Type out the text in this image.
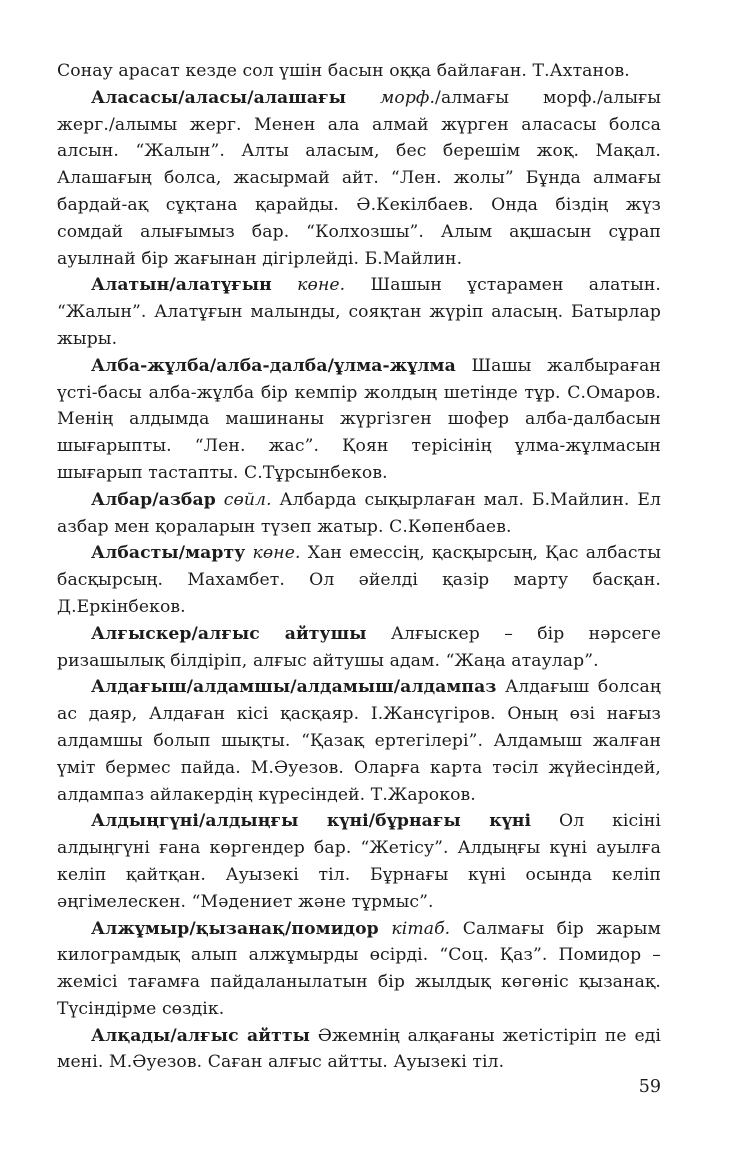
Сонау арасат кезде сол үшін басын оққа байлаған. Т.Ахтанов.

Аласасы/аласы/алашағы морф./алмағы морф./алығы жерг./алымы жерг. Менен ала алмай жүрген аласасы болса алсын. “Жалын”. Алты аласым, бес берешім жоқ. Мақал. Алашағың болса, жасырмай айт. “Лен. жолы” Бұнда алмағы бардай-ақ сұқтана қарайды. Ә.Кекілбаев. Онда біздің жүз сомдай алығымыз бар. “Колхозшы”. Алым ақшасын сұрап ауылнай бір жағынан дігірлейді. Б.Майлин.

Алатын/алатұғын көне. Шашын ұстарамен алатын. “Жалын”. Алатұғын малынды, сояқтан жүріп аласың. Батырлар жыры.

Алба-жұлба/алба-далба/ұлма-жұлма Шашы жалбыраған үсті-басы алба-жұлба бір кемпір жолдың шетінде тұр. С.Омаров. Менің алдымда машинаны жүргізген шофер алба-далбасын шығарыпты. “Лен. жас”. Қоян терісінің ұлма-жұлмасын шығарып тастапты. С.Тұрсынбеков.

Албар/азбар сөйл. Албарда сықырлаған мал. Б.Майлин. Ел азбар мен қораларын түзеп жатыр. С.Көпенбаев.

Албасты/марту көне. Хан емессің, қасқырсың, Қас албасты басқырсың. Махамбет. Ол әйелді қазір марту басқан. Д.Еркінбеков.

Алғыскер/алғыс айтушы Алғыскер – бір нәрсеге ризашылық білдіріп, алғыс айтушы адам. “Жаңа атаулар”.

Алдағыш/алдамшы/алдамыш/алдампаз Алдағыш болсаң ас даяр, Алдаған кісі қасқаяр. І.Жансүгіров. Оның өзі нағыз алдамшы болып шықты. “Қазақ ертегілері”. Алдамыш жалған үміт бермес пайда. М.Әуезов. Оларға карта тәсіл жүйесіндей, алдампаз айлакердің күресіндей. Т.Жароков.

Алдыңгүні/алдыңғы күні/бұрнағы күні Ол кісіні алдыңгүні ғана көргендер бар. “Жетісу”. Алдыңғы күні ауылға келіп қайтқан. Ауызекі тіл. Бұрнағы күні осында келіп әңгімелескен. “Мәдениет және тұрмыс”.

Алжұмыр/қызанақ/помидор кітаб. Салмағы бір жарым килограмдық алып алжұмырды өсірді. “Соц. Қаз”. Помидор – жемісі тағамға пайдаланылатын бір жылдық көгөніс қызанақ. Түсіндірме сөздік.

Алқады/алғыс айтты Әжемнің алқағаны жетістіріп пе еді мені. М.Әуезов. Саған алғыс айтты. Ауызекі тіл.

59
